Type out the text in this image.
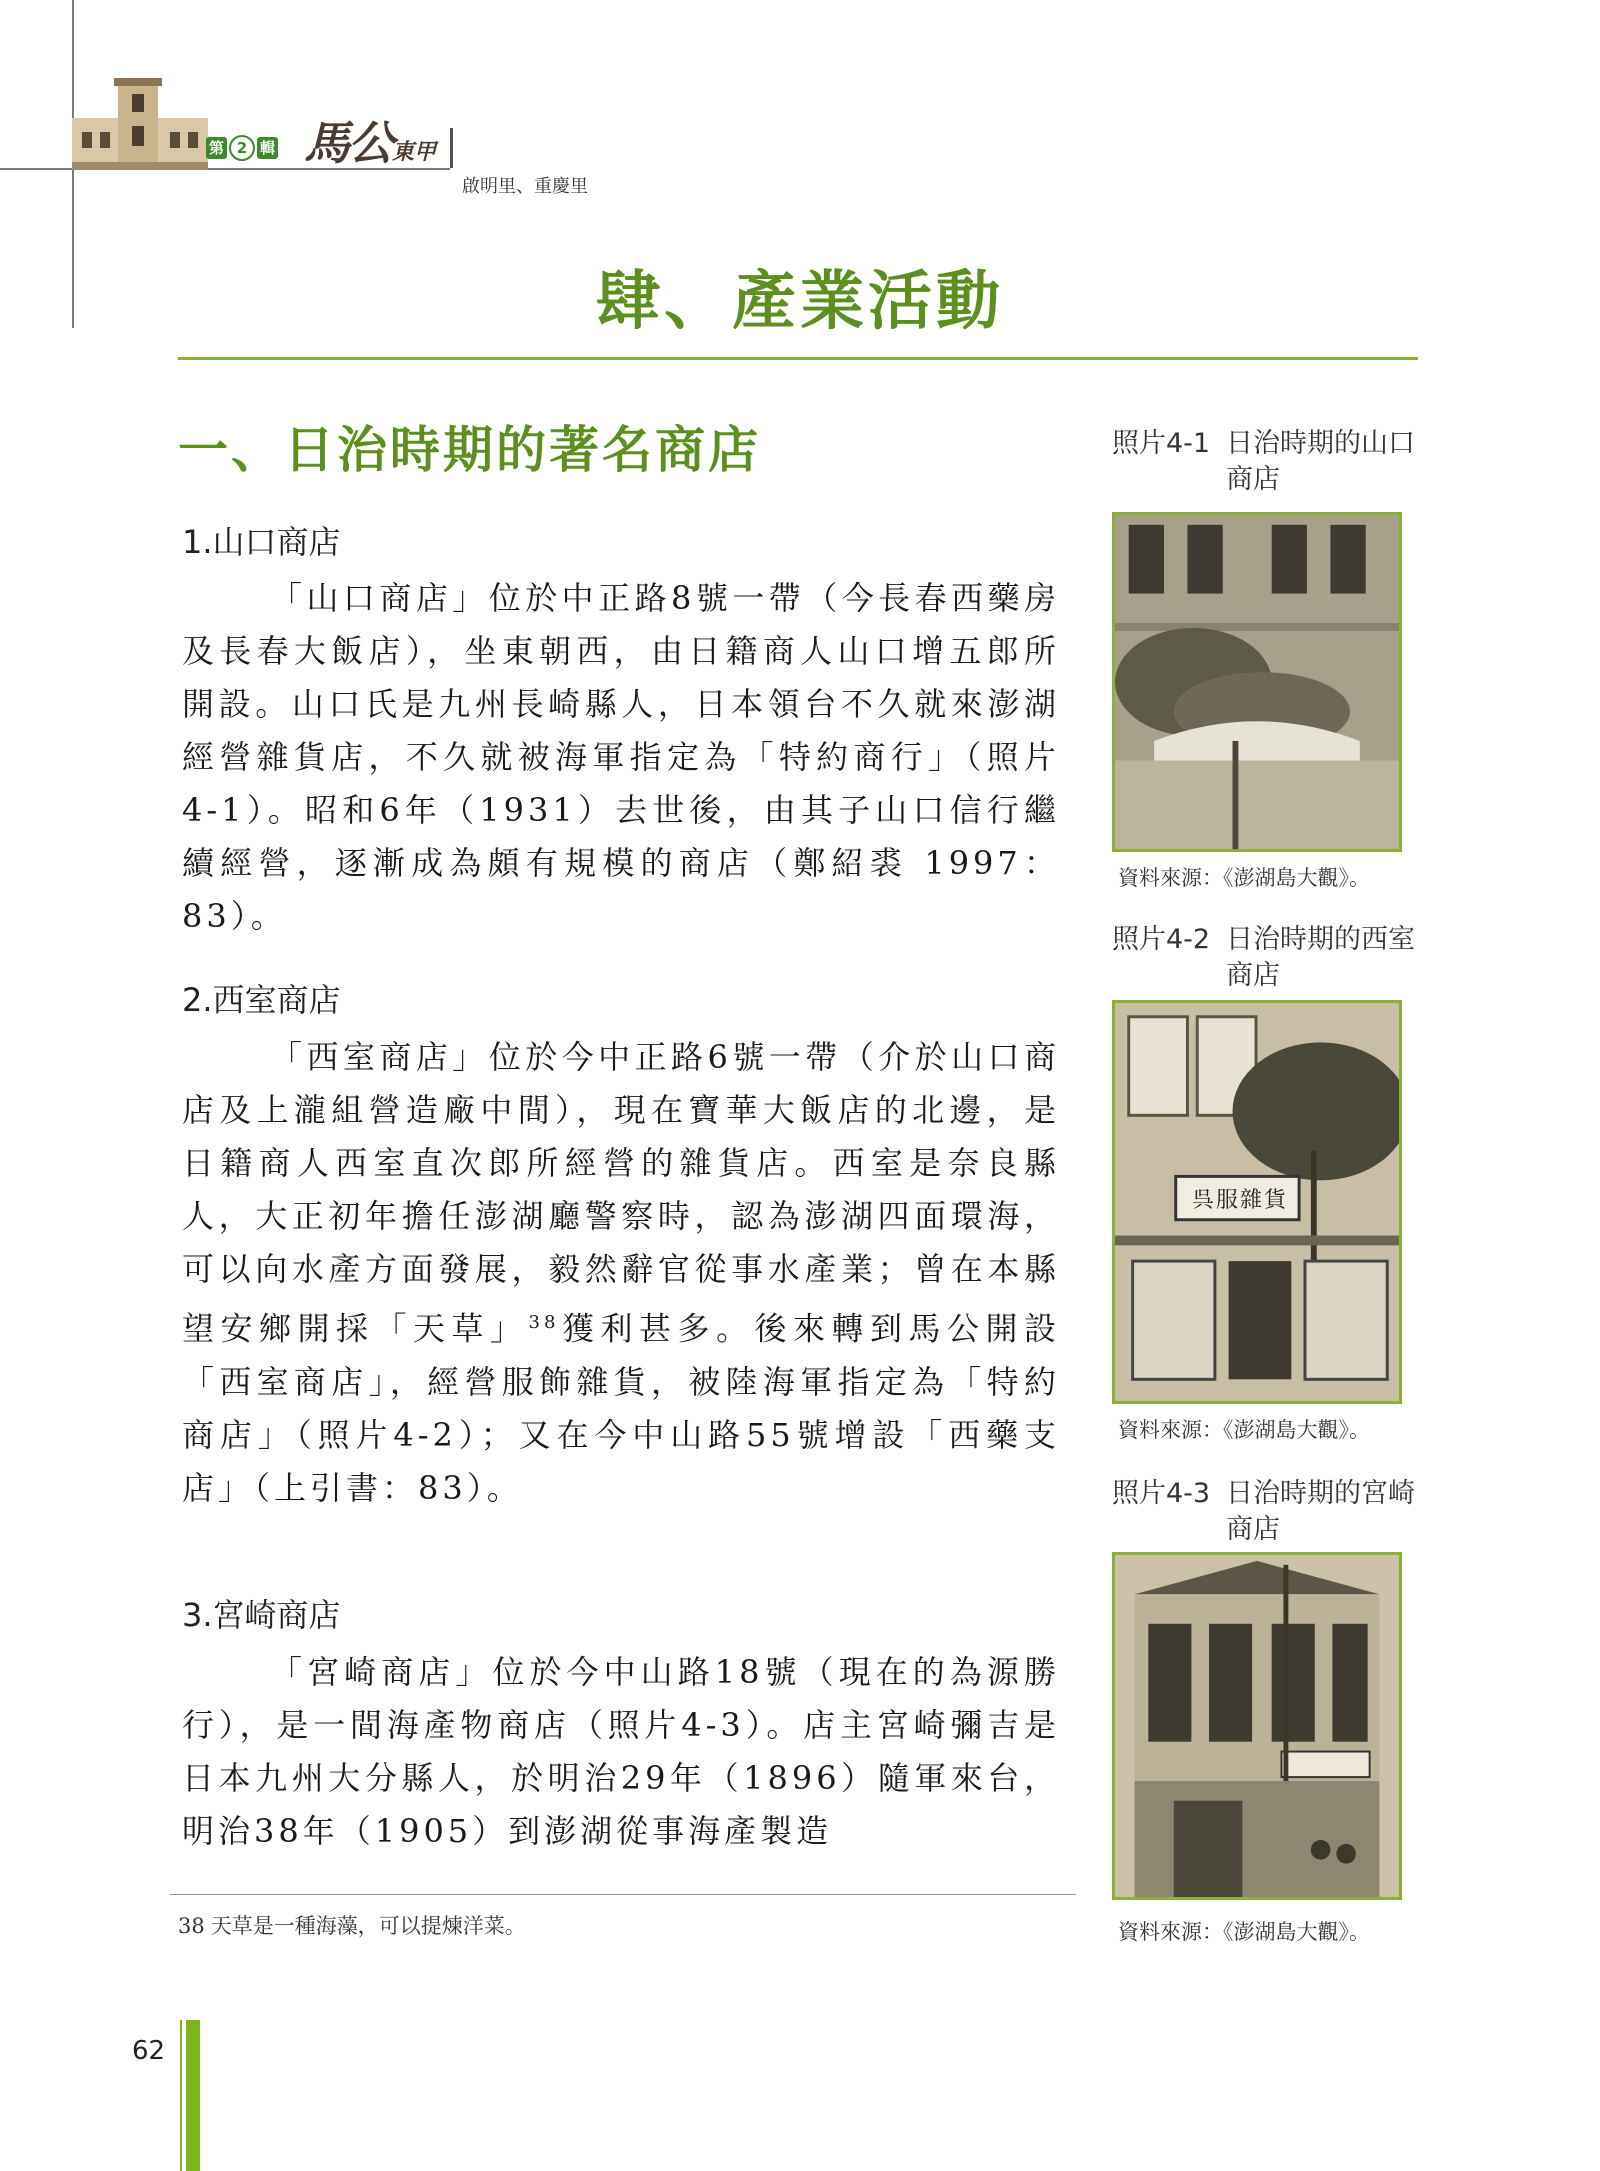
第 2 輯 馬公東甲
啟明里、重慶里
肆、產業活動
一、日治時期的著名商店
1.山口商店

「山口商店」位於中正路8號一帶（今長春西藥房及長春大飯店），坐東朝西，由日籍商人山口增五郎所開設。山口氏是九州長崎縣人，日本領台不久就來澎湖經營雜貨店，不久就被海軍指定為「特約商行」（照片4-1）。昭和6年（1931）去世後，由其子山口信行繼續經營，逐漸成為頗有規模的商店（鄭紹裘 1997：83）。

2.西室商店

「西室商店」位於今中正路6號一帶（介於山口商店及上瀧組營造廠中間），現在寶華大飯店的北邊，是日籍商人西室直次郎所經營的雜貨店。西室是奈良縣人，大正初年擔任澎湖廳警察時，認為澎湖四面環海，可以向水產方面發展，毅然辭官從事水產業；曾在本縣望安鄉開採「天草」$^{38}$獲利甚多。後來轉到馬公開設「西室商店」，經營服飾雜貨，被陸海軍指定為「特約商店」（照片4-2）；又在今中山路55號增設「西藥支店」（上引書：83）。

3.宮崎商店

「宮崎商店」位於今中山路18號（現在的為源勝行），是一間海產物商店（照片4-3）。店主宮崎彌吉是日本九州大分縣人，於明治29年（1896）隨軍來台，明治38年（1905）到澎湖從事海產製造

照片4-1 日治時期的山口商店
資料來源：《澎湖島大觀》。
照片4-2 日治時期的西室商店
呉服雜貨
資料來源：《澎湖島大觀》。
照片4-3 日治時期的宮崎商店
資料來源：《澎湖島大觀》。
38 天草是一種海藻，可以提煉洋菜。
62
